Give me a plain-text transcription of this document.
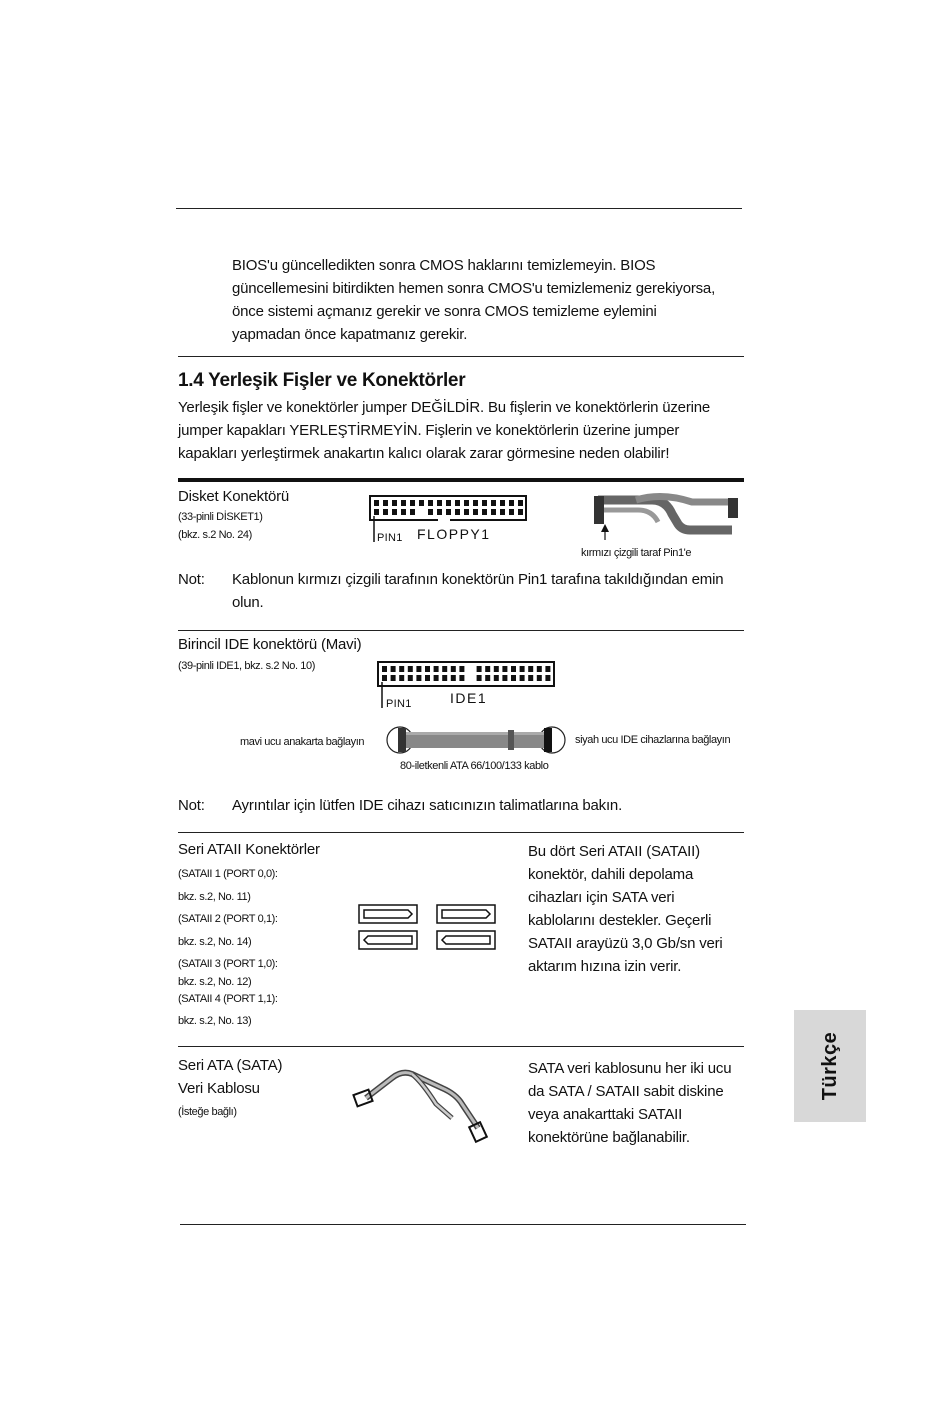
BIOS'u güncelledikten sonra CMOS haklarını temizlemeyin. BIOS
güncellemesini bitirdikten hemen sonra CMOS'u temizlemeniz gerekiyorsa,
önce sistemi açmanız gerekir ve sonra CMOS temizleme eylemini
yapmadan önce kapatmanız gerekir.
1.4 Yerleşik Fişler ve Konektörler
Yerleşik fişler ve konektörler jumper DEĞİLDİR. Bu fişlerin ve konektörlerin üzerine
jumper kapakları YERLEŞTİRMEYİN. Fişlerin ve konektörlerin üzerine jumper
kapakları yerleştirmek anakartın kalıcı olarak zarar görmesine neden olabilir!
Disket Konektörü
(33-pinli DİSKET1)
(bkz. s.2 No. 24)	PIN1 FLOPPY1
kırmızı çizgili taraf Pin1'e
Not: Kablonun kırmızı çizgili tarafının konektörün Pin1 tarafına takıldığından emin
olun.
Birincil IDE konektörü (Mavi)
(39-pinli IDE1, bkz. s.2 No. 10)
PIN1	IDE1
mavi ucu anakarta bağlayın	siyah ucu IDE cihazlarına bağlayın
80-iletkenli ATA 66/100/133 kablo
Not: Ayrıntılar için lütfen IDE cihazı satıcınızın talimatlarına bakın.
Seri ATAII Konektörler
(SATAII 1 (PORT 0,0):
bkz. s.2, No. 11)
(SATAII 2 (PORT 0,1):
bkz. s.2, No. 14)
(SATAII 3 (PORT 1,0):
bkz. s.2, No. 12)
(SATAII 4 (PORT 1,1):
bkz. s.2, No. 13)
Bu dört Seri ATAII (SATAII)
konektör, dahili depolama
cihazları için SATA veri
kablolarını destekler. Geçerli
SATAII arayüzü 3,0 Gb/sn veri
aktarım hızına izin verir.
Seri ATA (SATA)
Veri Kablosu
(İsteğe bağlı)
SATA veri kablosunu her iki ucu
da SATA / SATAII sabit diskine
veya anakarttaki SATAII
konektörüne bağlanabilir.
Türkçe
